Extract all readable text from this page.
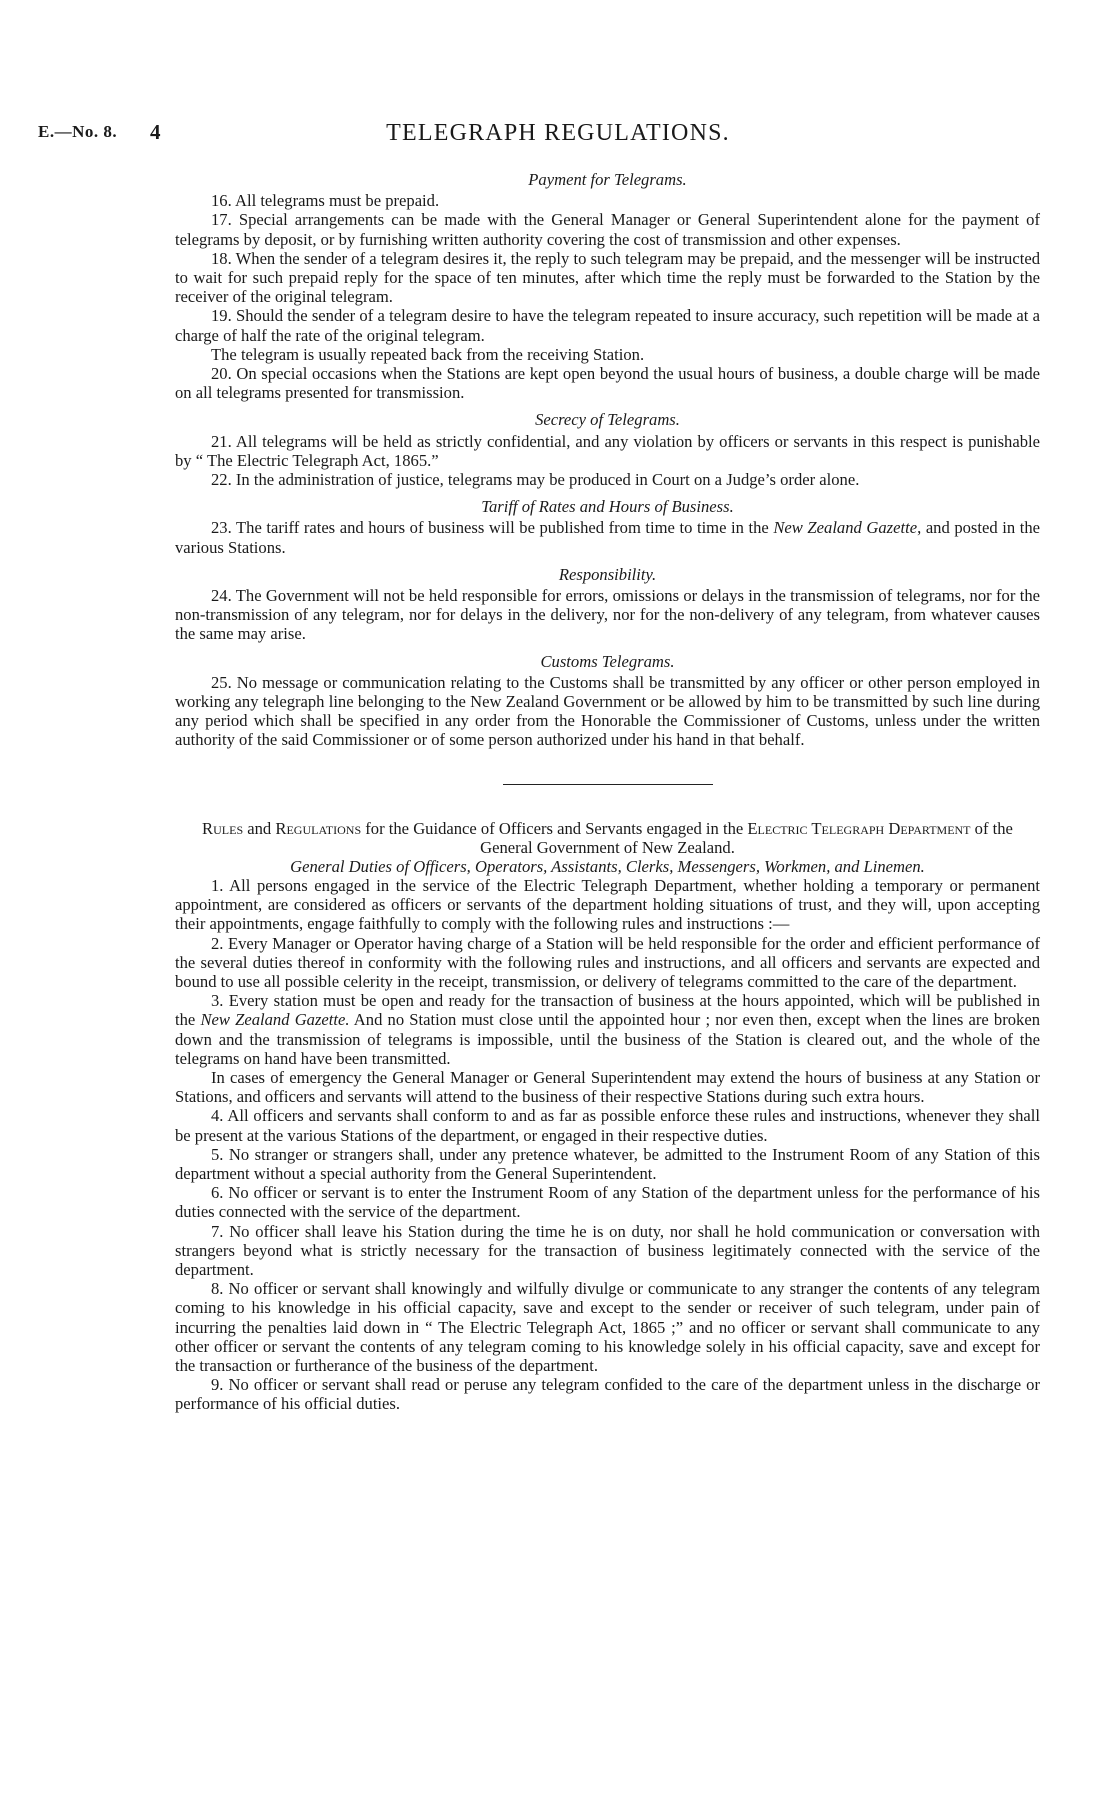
TELEGRAPH REGULATIONS.
E.—No. 8. 4

Payment for Telegrams.

16. All telegrams must be prepaid.

17. Special arrangements can be made with the General Manager or General Superintendent alone for the payment of telegrams by deposit, or by furnishing written authority covering the cost of transmission and other expenses.

18. When the sender of a telegram desires it, the reply to such telegram may be prepaid, and the messenger will be instructed to wait for such prepaid reply for the space of ten minutes, after which time the reply must be forwarded to the Station by the receiver of the original telegram.

19. Should the sender of a telegram desire to have the telegram repeated to insure accuracy, such repetition will be made at a charge of half the rate of the original telegram.

The telegram is usually repeated back from the receiving Station.

20. On special occasions when the Stations are kept open beyond the usual hours of business, a double charge will be made on all telegrams presented for transmission.

Secrecy of Telegrams.

21. All telegrams will be held as strictly confidential, and any violation by officers or servants in this respect is punishable by “ The Electric Telegraph Act, 1865.”

22. In the administration of justice, telegrams may be produced in Court on a Judge’s order alone.

Tariff of Rates and Hours of Business.

23. The tariff rates and hours of business will be published from time to time in the New Zealand Gazette, and posted in the various Stations.

Responsibility.

24. The Government will not be held responsible for errors, omissions or delays in the transmission of telegrams, nor for the non-transmission of any telegram, nor for delays in the delivery, nor for the non-delivery of any telegram, from whatever causes the same may arise.

Customs Telegrams.

25. No message or communication relating to the Customs shall be transmitted by any officer or other person employed in working any telegraph line belonging to the New Zealand Government or be allowed by him to be transmitted by such line during any period which shall be specified in any order from the Honorable the Commissioner of Customs, unless under the written authority of the said Commissioner or of some person authorized under his hand in that behalf.

Rules and Regulations for the Guidance of Officers and Servants engaged in the Electric Telegraph Department of the General Government of New Zealand.

General Duties of Officers, Operators, Assistants, Clerks, Messengers, Workmen, and Linemen.

1. All persons engaged in the service of the Electric Telegraph Department, whether holding a temporary or permanent appointment, are considered as officers or servants of the department holding situations of trust, and they will, upon accepting their appointments, engage faithfully to comply with the following rules and instructions :—

2. Every Manager or Operator having charge of a Station will be held responsible for the order and efficient performance of the several duties thereof in conformity with the following rules and instructions, and all officers and servants are expected and bound to use all possible celerity in the receipt, transmission, or delivery of telegrams committed to the care of the department.

3. Every station must be open and ready for the transaction of business at the hours appointed, which will be published in the New Zealand Gazette. And no Station must close until the appointed hour ; nor even then, except when the lines are broken down and the transmission of telegrams is impossible, until the business of the Station is cleared out, and the whole of the telegrams on hand have been transmitted.

In cases of emergency the General Manager or General Superintendent may extend the hours of business at any Station or Stations, and officers and servants will attend to the business of their respective Stations during such extra hours.

4. All officers and servants shall conform to and as far as possible enforce these rules and instructions, whenever they shall be present at the various Stations of the department, or engaged in their respective duties.

5. No stranger or strangers shall, under any pretence whatever, be admitted to the Instrument Room of any Station of this department without a special authority from the General Superintendent.

6. No officer or servant is to enter the Instrument Room of any Station of the department unless for the performance of his duties connected with the service of the department.

7. No officer shall leave his Station during the time he is on duty, nor shall he hold communication or conversation with strangers beyond what is strictly necessary for the transaction of business legitimately connected with the service of the department.

8. No officer or servant shall knowingly and wilfully divulge or communicate to any stranger the contents of any telegram coming to his knowledge in his official capacity, save and except to the sender or receiver of such telegram, under pain of incurring the penalties laid down in “ The Electric Telegraph Act, 1865 ;” and no officer or servant shall communicate to any other officer or servant the contents of any telegram coming to his knowledge solely in his official capacity, save and except for the transaction or furtherance of the business of the department.

9. No officer or servant shall read or peruse any telegram confided to the care of the department unless in the discharge or performance of his official duties.
